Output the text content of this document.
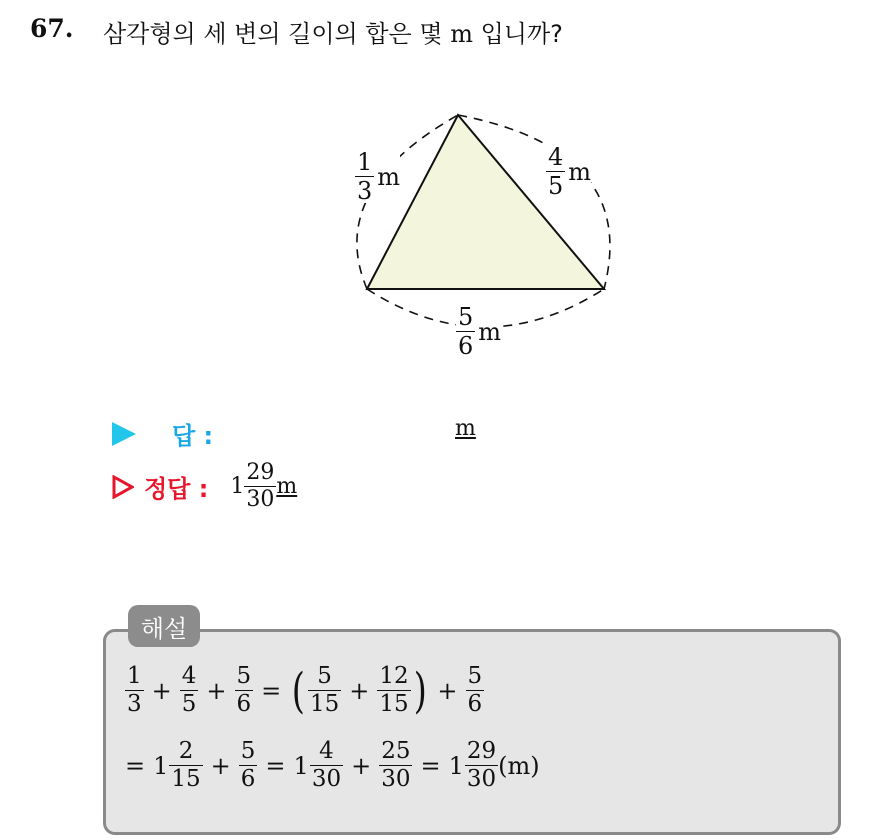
67. 삼각형의 세 변의 길이의 합은 몇 m 입니까?
$\frac{1}{3}$ m	$\frac{4}{5}$ m
$\frac{5}{6}$ m
답 :	m
정답 : $1 \frac{29}{30}$ m
해설
$\frac{1}{3} + \frac{4}{5} + \frac{5}{6}$ = ( $\frac{5}{15} + \frac{12}{15}$ ) + $\frac{5}{6}$
= $1 \frac{2}{15} + \frac{5}{6} = 1 \frac{4}{30} + \frac{25}{30} = 1 \frac{29}{30} (m)$
